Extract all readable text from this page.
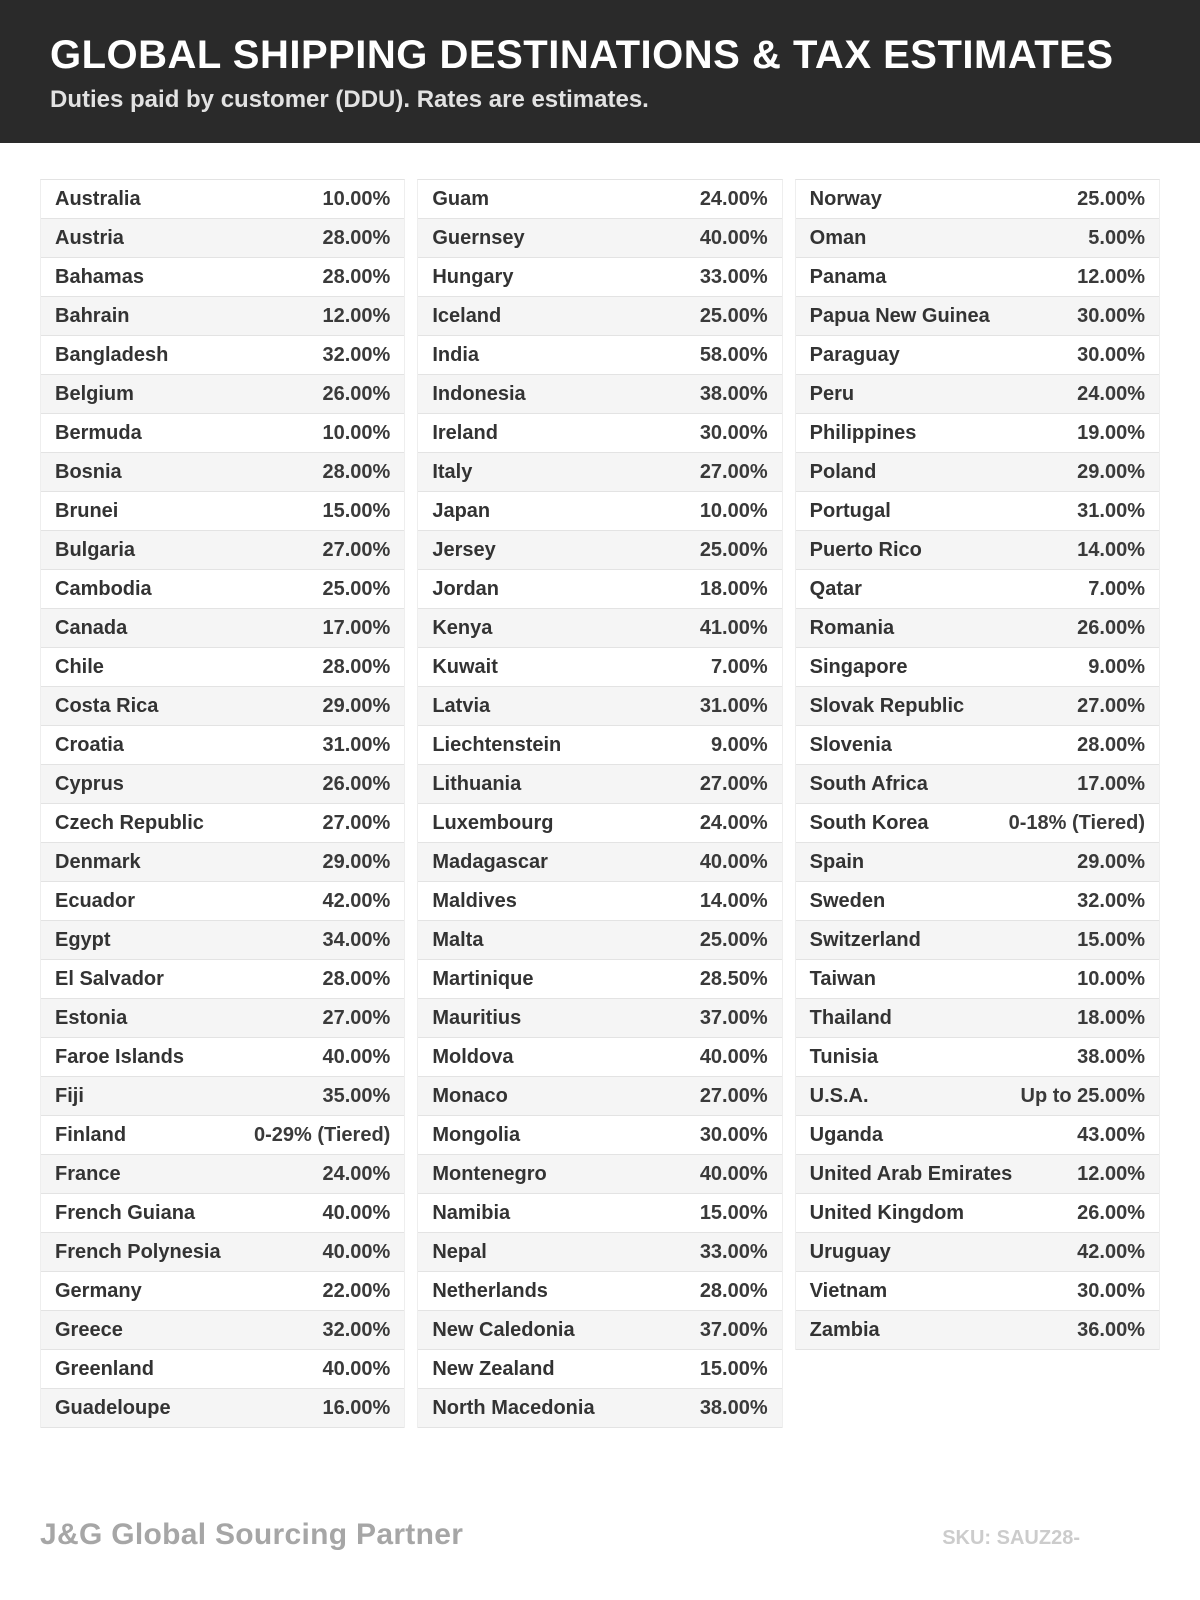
GLOBAL SHIPPING DESTINATIONS & TAX ESTIMATES
Duties paid by customer (DDU). Rates are estimates.
Australia	10.00%
Austria	28.00%
Bahamas	28.00%
Bahrain	12.00%
Bangladesh	32.00%
Belgium	26.00%
Bermuda	10.00%
Bosnia	28.00%
Brunei	15.00%
Bulgaria	27.00%
Cambodia	25.00%
Canada	17.00%
Chile	28.00%
Costa Rica	29.00%
Croatia	31.00%
Cyprus	26.00%
Czech Republic	27.00%
Denmark	29.00%
Ecuador	42.00%
Egypt	34.00%
El Salvador	28.00%
Estonia	27.00%
Faroe Islands	40.00%
Fiji	35.00%
Finland	0-29% (Tiered)
France	24.00%
French Guiana	40.00%
French Polynesia	40.00%
Germany	22.00%
Greece	32.00%
Greenland	40.00%
Guadeloupe	16.00%
Guam	24.00%
Guernsey	40.00%
Hungary	33.00%
Iceland	25.00%
India	58.00%
Indonesia	38.00%
Ireland	30.00%
Italy	27.00%
Japan	10.00%
Jersey	25.00%
Jordan	18.00%
Kenya	41.00%
Kuwait	7.00%
Latvia	31.00%
Liechtenstein	9.00%
Lithuania	27.00%
Luxembourg	24.00%
Madagascar	40.00%
Maldives	14.00%
Malta	25.00%
Martinique	28.50%
Mauritius	37.00%
Moldova	40.00%
Monaco	27.00%
Mongolia	30.00%
Montenegro	40.00%
Namibia	15.00%
Nepal	33.00%
Netherlands	28.00%
New Caledonia	37.00%
New Zealand	15.00%
North Macedonia	38.00%
Norway	25.00%
Oman	5.00%
Panama	12.00%
Papua New Guinea	30.00%
Paraguay	30.00%
Peru	24.00%
Philippines	19.00%
Poland	29.00%
Portugal	31.00%
Puerto Rico	14.00%
Qatar	7.00%
Romania	26.00%
Singapore	9.00%
Slovak Republic	27.00%
Slovenia	28.00%
South Africa	17.00%
South Korea	0-18% (Tiered)
Spain	29.00%
Sweden	32.00%
Switzerland	15.00%
Taiwan	10.00%
Thailand	18.00%
Tunisia	38.00%
U.S.A.	Up to 25.00%
Uganda	43.00%
United Arab Emirates	12.00%
United Kingdom	26.00%
Uruguay	42.00%
Vietnam	30.00%
Zambia	36.00%
J&G Global Sourcing Partner	SKU: SAUZ28-
